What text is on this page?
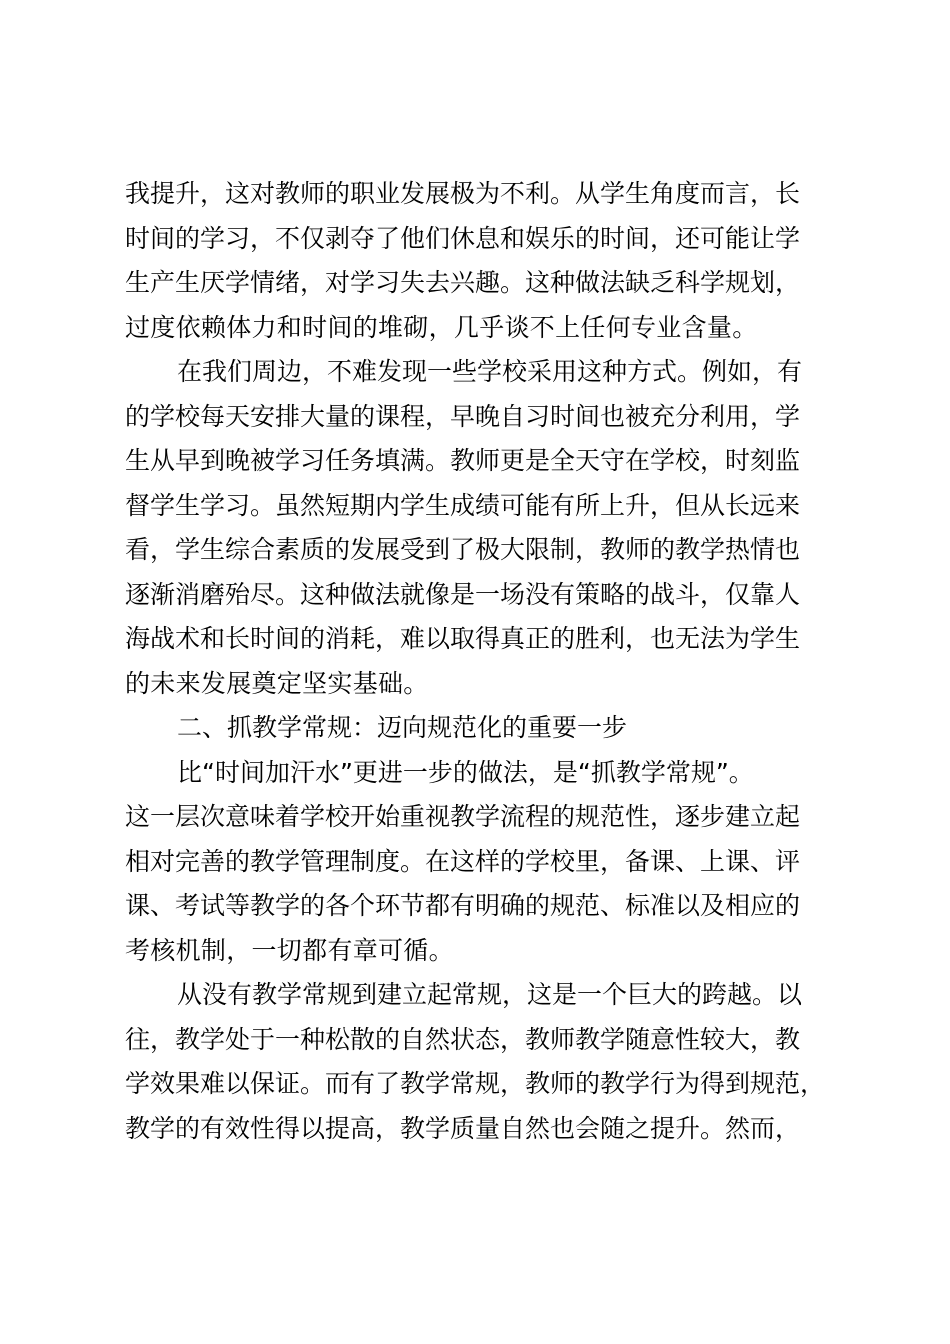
我提升，这对教师的职业发展极为不利。从学生角度而言，长
时间的学习，不仅剥夺了他们休息和娱乐的时间，还可能让学
生产生厌学情绪，对学习失去兴趣。这种做法缺乏科学规划，
过度依赖体力和时间的堆砌，几乎谈不上任何专业含量。
在我们周边，不难发现一些学校采用这种方式。例如，有
的学校每天安排大量的课程，早晚自习时间也被充分利用，学
生从早到晚被学习任务填满。教师更是全天守在学校，时刻监
督学生学习。虽然短期内学生成绩可能有所上升，但从长远来
看，学生综合素质的发展受到了极大限制，教师的教学热情也
逐渐消磨殆尽。这种做法就像是一场没有策略的战斗，仅靠人
海战术和长时间的消耗，难以取得真正的胜利，也无法为学生
的未来发展奠定坚实基础。
二、抓教学常规：迈向规范化的重要一步
比“时间加汗水”更进一步的做法，是“抓教学常规”。
这一层次意味着学校开始重视教学流程的规范性，逐步建立起
相对完善的教学管理制度。在这样的学校里，备课、上课、评
课、考试等教学的各个环节都有明确的规范、标准以及相应的
考核机制，一切都有章可循。
从没有教学常规到建立起常规，这是一个巨大的跨越。以
往，教学处于一种松散的自然状态，教师教学随意性较大，教
学效果难以保证。而有了教学常规，教师的教学行为得到规范，
教学的有效性得以提高，教学质量自然也会随之提升。然而，
